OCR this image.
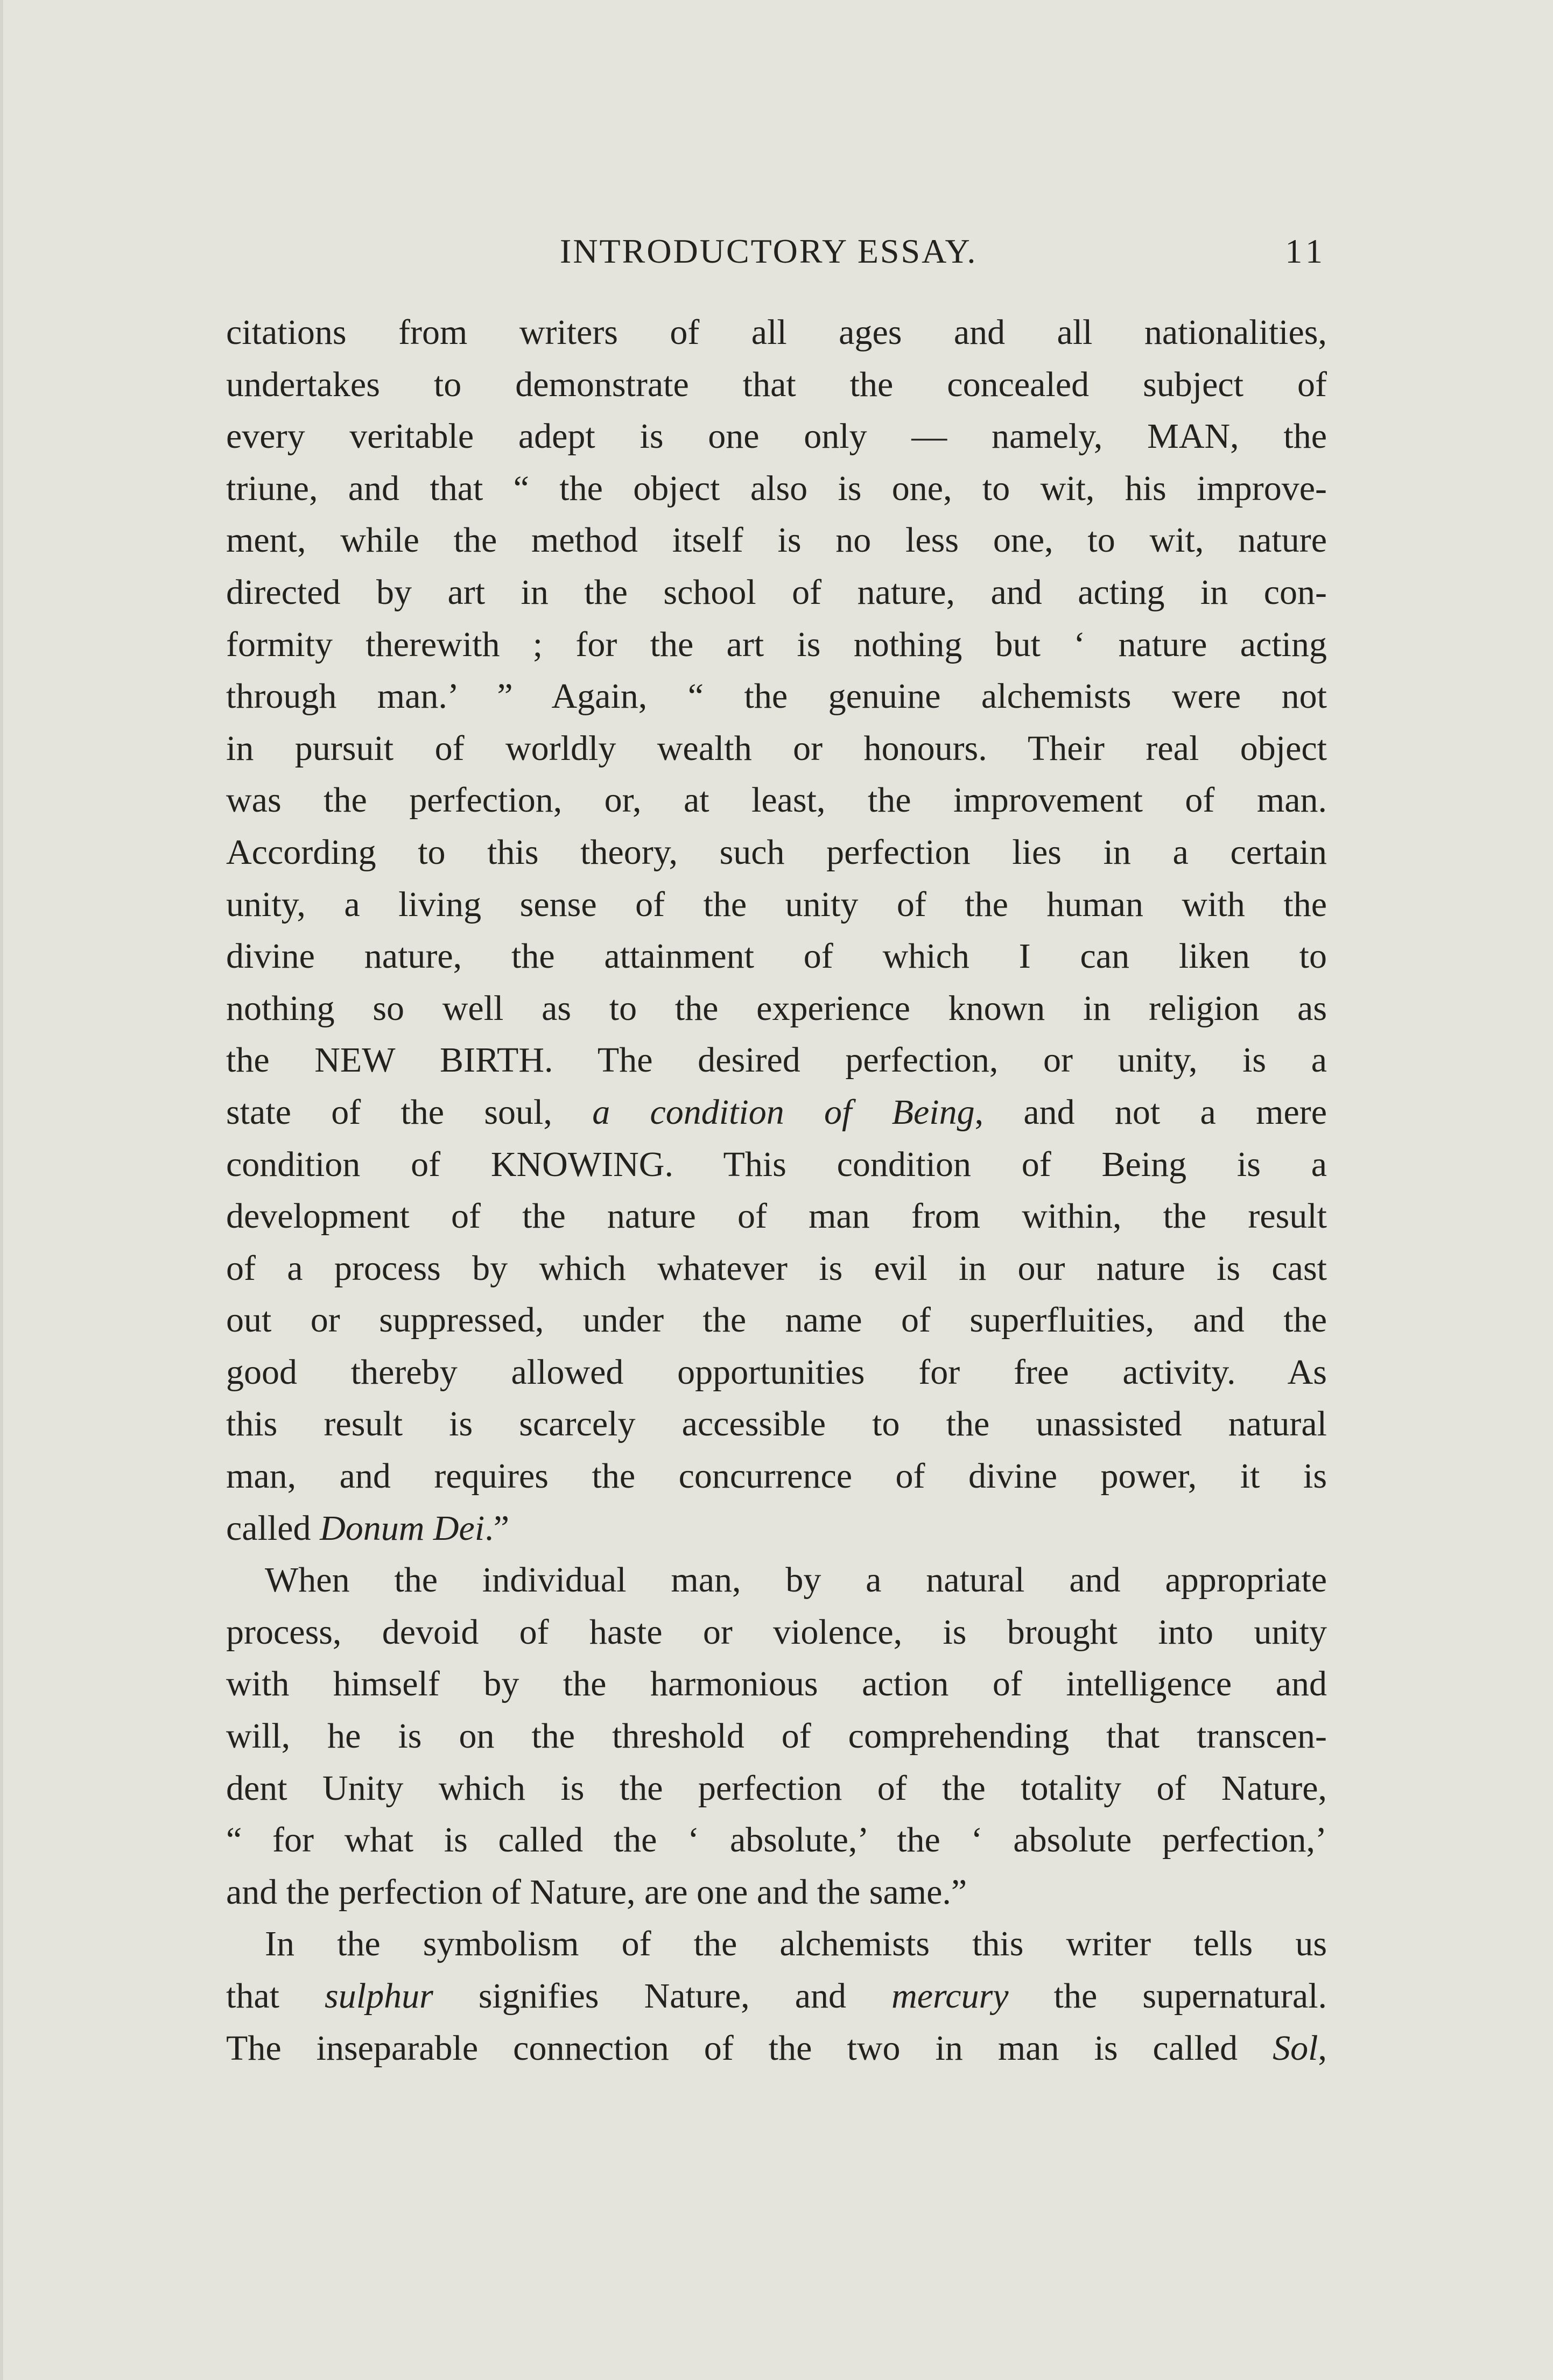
INTRODUCTORY ESSAY.	11
citations from writers of all ages and all nationalities,
undertakes to demonstrate that the concealed subject of
every veritable adept is one only — namely, MAN, the
triune, and that “ the object also is one, to wit, his improve-
ment, while the method itself is no less one, to wit, nature
directed by art in the school of nature, and acting in con-
formity therewith ; for the art is nothing but ‘ nature acting
through man.’ ” Again, “ the genuine alchemists were not
in pursuit of worldly wealth or honours. Their real object
was the perfection, or, at least, the improvement of man.
According to this theory, such perfection lies in a certain
unity, a living sense of the unity of the human with the
divine nature, the attainment of which I can liken to
nothing so well as to the experience known in religion as
the NEW BIRTH. The desired perfection, or unity, is a
state of the soul, a condition of Being, and not a mere
condition of KNOWING. This condition of Being is a
development of the nature of man from within, the result
of a process by which whatever is evil in our nature is cast
out or suppressed, under the name of superfluities, and the
good thereby allowed opportunities for free activity. As
this result is scarcely accessible to the unassisted natural
man, and requires the concurrence of divine power, it is
called Donum Dei.”
When the individual man, by a natural and appropriate
process, devoid of haste or violence, is brought into unity
with himself by the harmonious action of intelligence and
will, he is on the threshold of comprehending that transcen-
dent Unity which is the perfection of the totality of Nature,
“ for what is called the ‘ absolute,’ the ‘ absolute perfection,’
and the perfection of Nature, are one and the same.”
In the symbolism of the alchemists this writer tells us
that sulphur signifies Nature, and mercury the supernatural.
The inseparable connection of the two in man is called Sol,
